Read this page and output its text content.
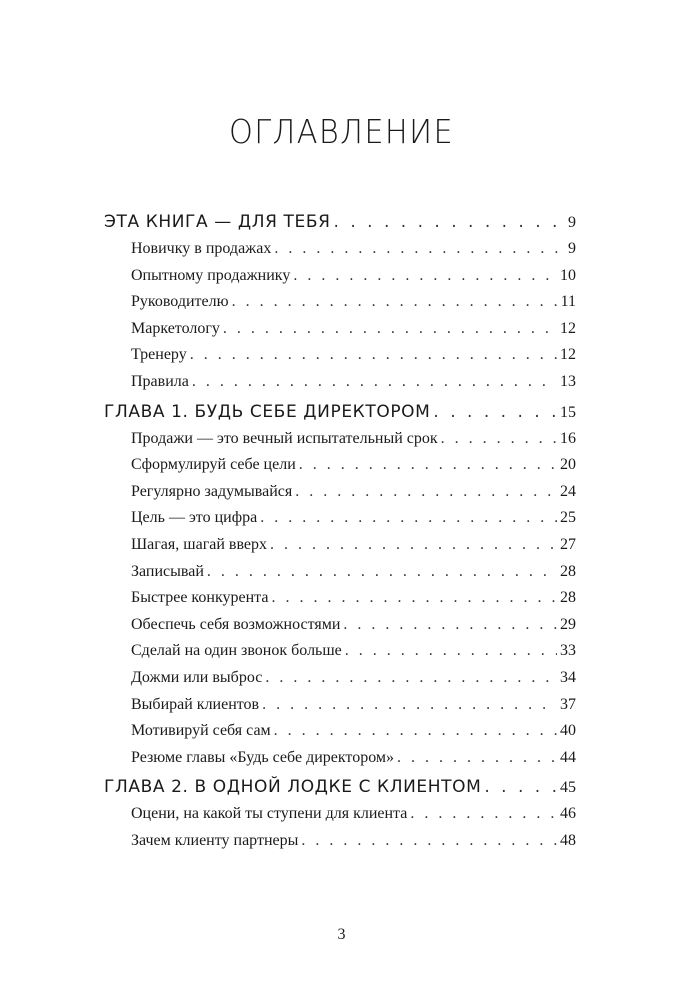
ОГЛАВЛЕНИЕ
ЭТА КНИГА — ДЛЯ ТЕБЯ . . .	9
Новичку в продажах . . .	9
Опытному продажнику . . .	10
Руководителю . . .	11
Маркетологу . . .	12
Тренеру . . .	12
Правила . . .	13
ГЛАВА 1. БУДЬ СЕБЕ ДИРЕКТОРОМ . . .	15
Продажи — это вечный испытательный срок . . .	16
Сформулируй себе цели . . .	20
Регулярно задумывайся . . .	24
Цель — это цифра . . .	25
Шагая, шагай вверх . . .	27
Записывай . . .	28
Быстрее конкурента . . .	28
Обеспечь себя возможностями . . .	29
Сделай на один звонок больше . . .	33
Дожми или выброс . . .	34
Выбирай клиентов . . .	37
Мотивируй себя сам . . .	40
Резюме главы «Будь себе директором» . . .	44
ГЛАВА 2. В ОДНОЙ ЛОДКЕ С КЛИЕНТОМ . . .	45
Оцени, на какой ты ступени для клиента . . .	46
Зачем клиенту партнеры . . .	48
3
